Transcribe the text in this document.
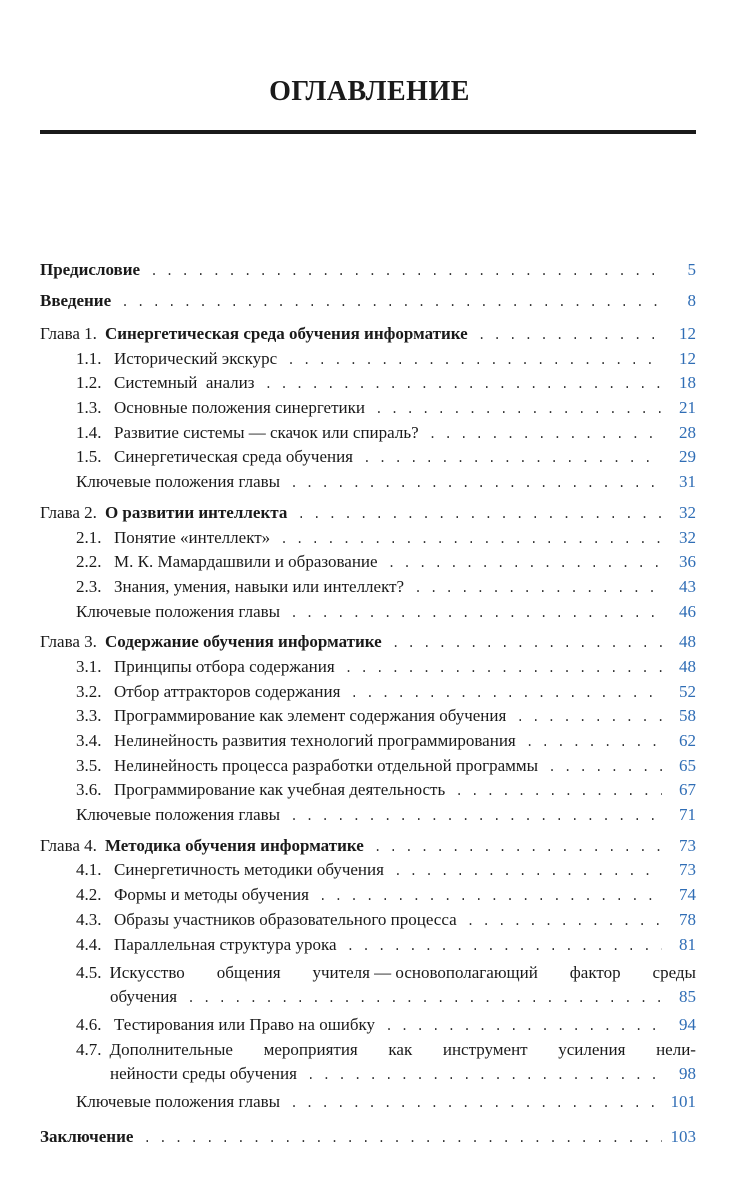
ОГЛАВЛЕНИЕ
Предисловие . . .	5
Введение . . .	8
Глава 1. Синергетическая среда обучения информатике . . .	12
1.1. Исторический экскурс . . .	12
1.2. Системный  анализ . . .	18
1.3. Основные положения синергетики . . .	21
1.4. Развитие системы — скачок или спираль? . . .	28
1.5. Синергетическая среда обучения . . .	29
Ключевые положения главы . . .	31
Глава 2. О развитии интеллекта . . .	32
2.1. Понятие «интеллект» . . .	32
2.2. М. К. Мамардашвили и образование . . .	36
2.3. Знания, умения, навыки или интеллект? . . .	43
Ключевые положения главы . . .	46
Глава 3. Содержание обучения информатике . . .	48
3.1. Принципы отбора содержания . . .	48
3.2. Отбор аттракторов содержания . . .	52
3.3. Программирование как элемент содержания обучения . . .	58
3.4. Нелинейность развития технологий программирования . . .	62
3.5. Нелинейность процесса разработки отдельной программы . . .	65
3.6. Программирование как учебная деятельность . . .	67
Ключевые положения главы . . .	71
Глава 4. Методика обучения информатике . . .	73
4.1. Синергетичность методики обучения . . .	73
4.2. Формы и методы обучения . . .	74
4.3. Образы участников образовательного процесса . . .	78
4.4. Параллельная структура урока . . .	81
4.5. Искусство общения учителя — основополагающий фактор среды
обучения . . .	85
4.6. Тестирования или Право на ошибку . . .	94
4.7. Дополнительные мероприятия как инструмент усиления нели-
нейности среды обучения . . .	98
Ключевые положения главы . . .	101
Заключение . . .	103
